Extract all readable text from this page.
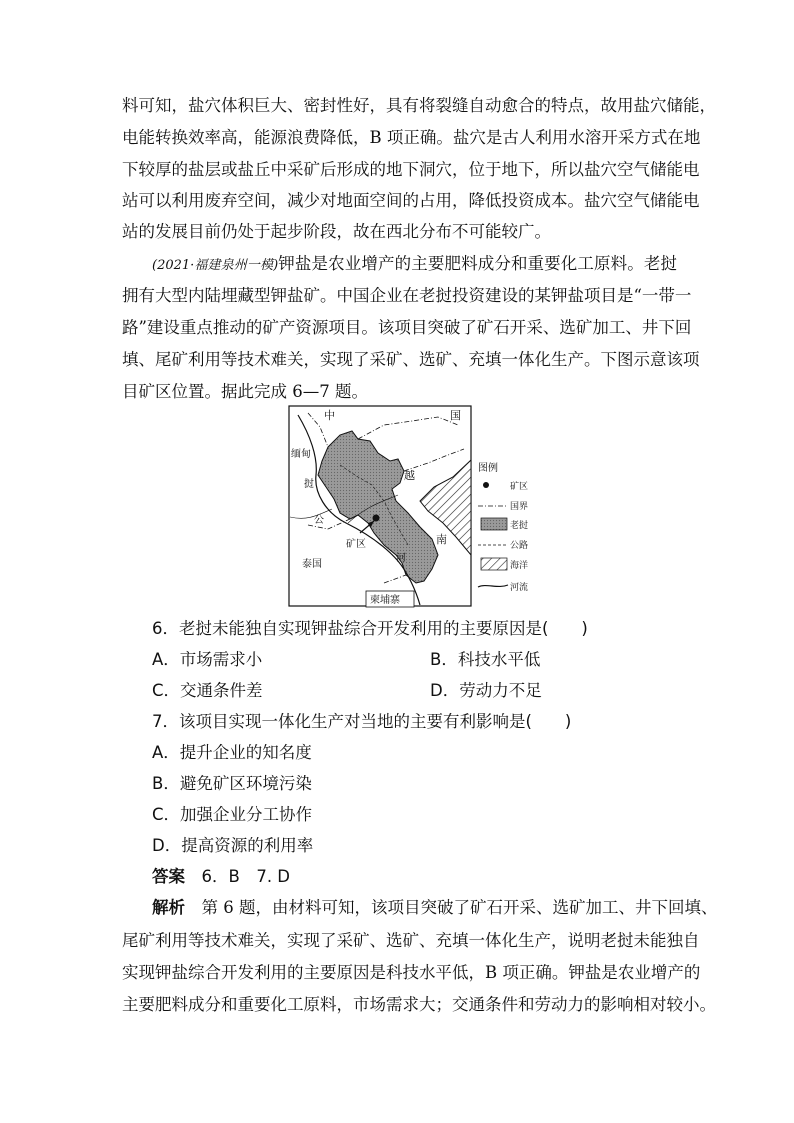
料可知，盐穴体积巨大、密封性好，具有将裂缝自动愈合的特点，故用盐穴储能，
电能转换效率高，能源浪费降低，B 项正确。盐穴是古人利用水溶开采方式在地
下较厚的盐层或盐丘中采矿后形成的地下洞穴，位于地下，所以盐穴空气储能电
站可以利用废弃空间，减少对地面空间的占用，降低投资成本。盐穴空气储能电
站的发展目前仍处于起步阶段，故在西北分布不可能较广。
(2021·福建泉州一模)钾盐是农业增产的主要肥料成分和重要化工原料。老挝
拥有大型内陆埋藏型钾盐矿。中国企业在老挝投资建设的某钾盐项目是“一带一
路”建设重点推动的矿产资源项目。该项目突破了矿石开采、选矿加工、井下回
填、尾矿利用等技术难关，实现了采矿、选矿、充填一体化生产。下图示意该项
目矿区位置。据此完成 6—7 题。
中	国
缅甸
挝
越
南
公
河
矿区
泰国
柬埔寨
图例
矿区
国界
老挝
公路
海洋
河流
6．老挝未能独自实现钾盐综合开发利用的主要原因是(　　)
A．市场需求小	B．科技水平低
C．交通条件差	D．劳动力不足
7．该项目实现一体化生产对当地的主要有利影响是(　　)
A．提升企业的知名度
B．避免矿区环境污染
C．加强企业分工协作
D．提高资源的利用率
答案　 6．B　7. D
解析　 第 6 题，由材料可知，该项目突破了矿石开采、选矿加工、井下回填、
尾矿利用等技术难关，实现了采矿、选矿、充填一体化生产，说明老挝未能独自
实现钾盐综合开发利用的主要原因是科技水平低，B 项正确。钾盐是农业增产的
主要肥料成分和重要化工原料，市场需求大；交通条件和劳动力的影响相对较小。
